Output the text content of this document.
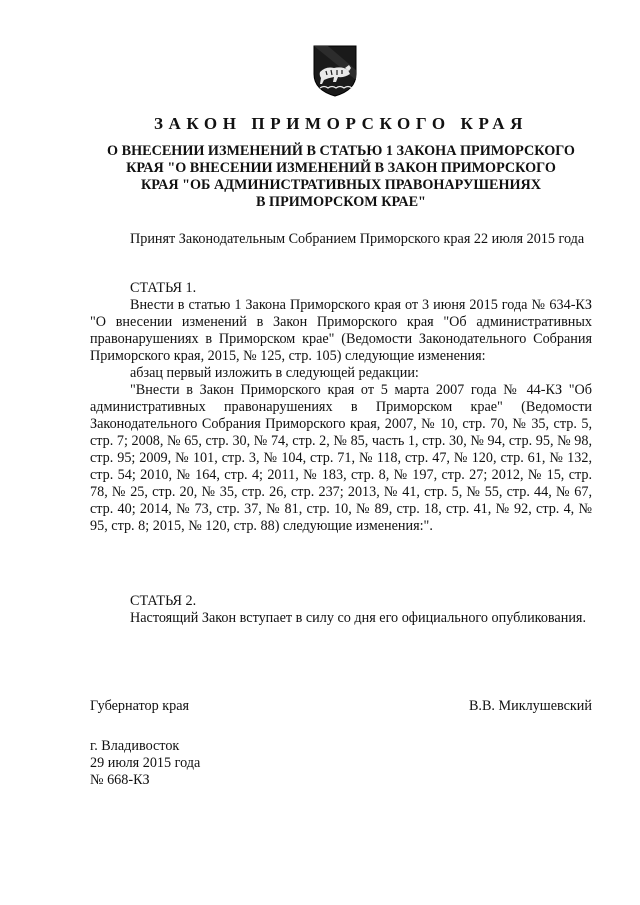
ЗАКОН ПРИМОРСКОГО КРАЯ
О ВНЕСЕНИИ ИЗМЕНЕНИЙ В СТАТЬЮ 1 ЗАКОНА ПРИМОРСКОГО
КРАЯ "О ВНЕСЕНИИ ИЗМЕНЕНИЙ В ЗАКОН ПРИМОРСКОГО
КРАЯ "ОБ АДМИНИСТРАТИВНЫХ ПРАВОНАРУШЕНИЯХ
В ПРИМОРСКОМ КРАЕ"

Принят Законодательным Собранием Приморского края 22 июля 2015 года

СТАТЬЯ 1.

Внести в статью 1 Закона Приморского края от 3 июня 2015 года № 634-КЗ "О внесении изменений в Закон Приморского края "Об административных правонарушениях в Приморском крае" (Ведомости Законодательного Собрания Приморского края, 2015, № 125, стр. 105) следующие изменения:

абзац первый изложить в следующей редакции:

"Внести в Закон Приморского края от 5 марта 2007 года № 44-КЗ "Об административных правонарушениях в Приморском крае" (Ведомости Законодательного Собрания Приморского края, 2007, № 10, стр. 70, № 35, стр. 5, стр. 7; 2008, № 65, стр. 30, № 74, стр. 2, № 85, часть 1, стр. 30, № 94, стр. 95, № 98, стр. 95; 2009, № 101, стр. 3, № 104, стр. 71, № 118, стр. 47, № 120, стр. 61, № 132, стр. 54; 2010, № 164, стр. 4; 2011, № 183, стр. 8, № 197, стр. 27; 2012, № 15, стр. 78, № 25, стр. 20, № 35, стр. 26, стр. 237; 2013, № 41, стр. 5, № 55, стр. 44, № 67, стр. 40; 2014, № 73, стр. 37, № 81, стр. 10, № 89, стр. 18, стр. 41, № 92, стр. 4, № 95, стр. 8; 2015, № 120, стр. 88) следующие изменения:".

СТАТЬЯ 2.

Настоящий Закон вступает в силу со дня его официального опубликования.

Губернатор края	В.В. Миклушевский
г. Владивосток
29 июля 2015 года
№ 668-КЗ
